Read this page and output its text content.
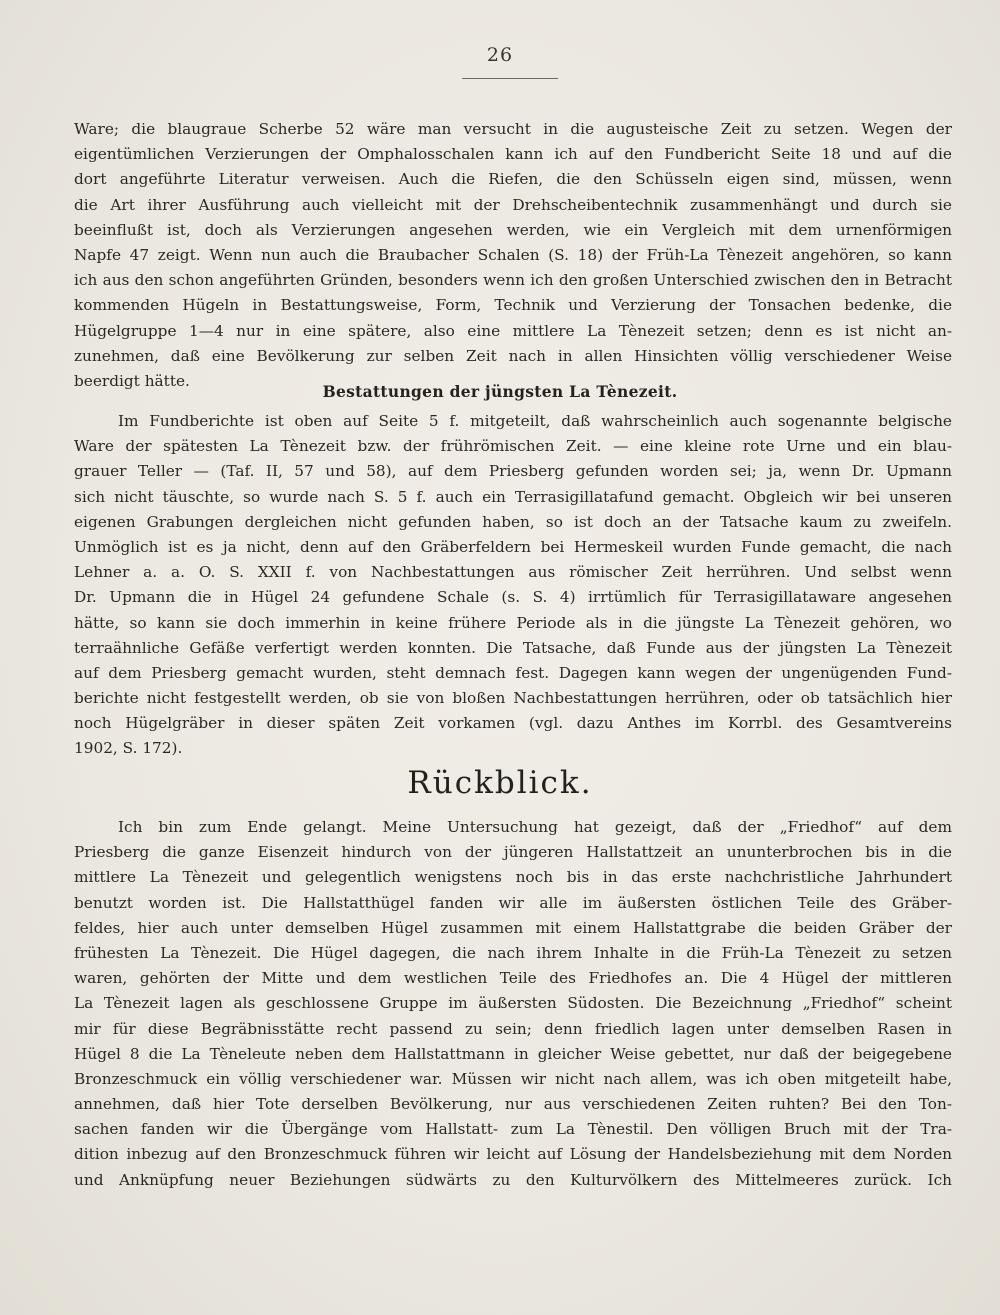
26
Ware; die blaugraue Scherbe 52 wäre man versucht in die augusteische Zeit zu setzen. Wegen der
eigentümlichen Verzierungen der Omphalosschalen kann ich auf den Fundbericht Seite 18 und auf die
dort angeführte Literatur verweisen. Auch die Riefen, die den Schüsseln eigen sind, müssen, wenn
die Art ihrer Ausführung auch vielleicht mit der Drehscheibentechnik zusammenhängt und durch sie
beeinflußt ist, doch als Verzierungen angesehen werden, wie ein Vergleich mit dem urnenförmigen
Napfe 47 zeigt. Wenn nun auch die Braubacher Schalen (S. 18) der Früh-La Tènezeit angehören, so kann
ich aus den schon angeführten Gründen, besonders wenn ich den großen Unterschied zwischen den in Betracht
kommenden Hügeln in Bestattungsweise, Form, Technik und Verzierung der Tonsachen bedenke, die
Hügelgruppe 1—4 nur in eine spätere, also eine mittlere La Tènezeit setzen; denn es ist nicht an-
zunehmen, daß eine Bevölkerung zur selben Zeit nach in allen Hinsichten völlig verschiedener Weise
beerdigt hätte.
Bestattungen der jüngsten La Tènezeit.
Im Fundberichte ist oben auf Seite 5 f. mitgeteilt, daß wahrscheinlich auch sogenannte belgische
Ware der spätesten La Tènezeit bzw. der frührömischen Zeit. — eine kleine rote Urne und ein blau-
grauer Teller — (Taf. II, 57 und 58), auf dem Priesberg gefunden worden sei; ja, wenn Dr. Upmann
sich nicht täuschte, so wurde nach S. 5 f. auch ein Terrasigillatafund gemacht. Obgleich wir bei unseren
eigenen Grabungen dergleichen nicht gefunden haben, so ist doch an der Tatsache kaum zu zweifeln.
Unmöglich ist es ja nicht, denn auf den Gräberfeldern bei Hermeskeil wurden Funde gemacht, die nach
Lehner a. a. O. S. XXII f. von Nachbestattungen aus römischer Zeit herrühren. Und selbst wenn
Dr. Upmann die in Hügel 24 gefundene Schale (s. S. 4) irrtümlich für Terrasigillataware angesehen
hätte, so kann sie doch immerhin in keine frühere Periode als in die jüngste La Tènezeit gehören, wo
terraähnliche Gefäße verfertigt werden konnten. Die Tatsache, daß Funde aus der jüngsten La Tènezeit
auf dem Priesberg gemacht wurden, steht demnach fest. Dagegen kann wegen der ungenügenden Fund-
berichte nicht festgestellt werden, ob sie von bloßen Nachbestattungen herrühren, oder ob tatsächlich hier
noch Hügelgräber in dieser späten Zeit vorkamen (vgl. dazu Anthes im Korrbl. des Gesamtvereins
1902, S. 172).
Rückblick.
Ich bin zum Ende gelangt. Meine Untersuchung hat gezeigt, daß der „Friedhof“ auf dem
Priesberg die ganze Eisenzeit hindurch von der jüngeren Hallstattzeit an ununterbrochen bis in die
mittlere La Tènezeit und gelegentlich wenigstens noch bis in das erste nachchristliche Jahrhundert
benutzt worden ist. Die Hallstatthügel fanden wir alle im äußersten östlichen Teile des Gräber-
feldes, hier auch unter demselben Hügel zusammen mit einem Hallstattgrabe die beiden Gräber der
frühesten La Tènezeit. Die Hügel dagegen, die nach ihrem Inhalte in die Früh-La Tènezeit zu setzen
waren, gehörten der Mitte und dem westlichen Teile des Friedhofes an. Die 4 Hügel der mittleren
La Tènezeit lagen als geschlossene Gruppe im äußersten Südosten. Die Bezeichnung „Friedhof“ scheint
mir für diese Begräbnisstätte recht passend zu sein; denn friedlich lagen unter demselben Rasen in
Hügel 8 die La Tèneleute neben dem Hallstattmann in gleicher Weise gebettet, nur daß der beigegebene
Bronzeschmuck ein völlig verschiedener war. Müssen wir nicht nach allem, was ich oben mitgeteilt habe,
annehmen, daß hier Tote derselben Bevölkerung, nur aus verschiedenen Zeiten ruhten? Bei den Ton-
sachen fanden wir die Übergänge vom Hallstatt- zum La Tènestil. Den völligen Bruch mit der Tra-
dition inbezug auf den Bronzeschmuck führen wir leicht auf Lösung der Handelsbeziehung mit dem Norden
und Anknüpfung neuer Beziehungen südwärts zu den Kulturvölkern des Mittelmeeres zurück. Ich
